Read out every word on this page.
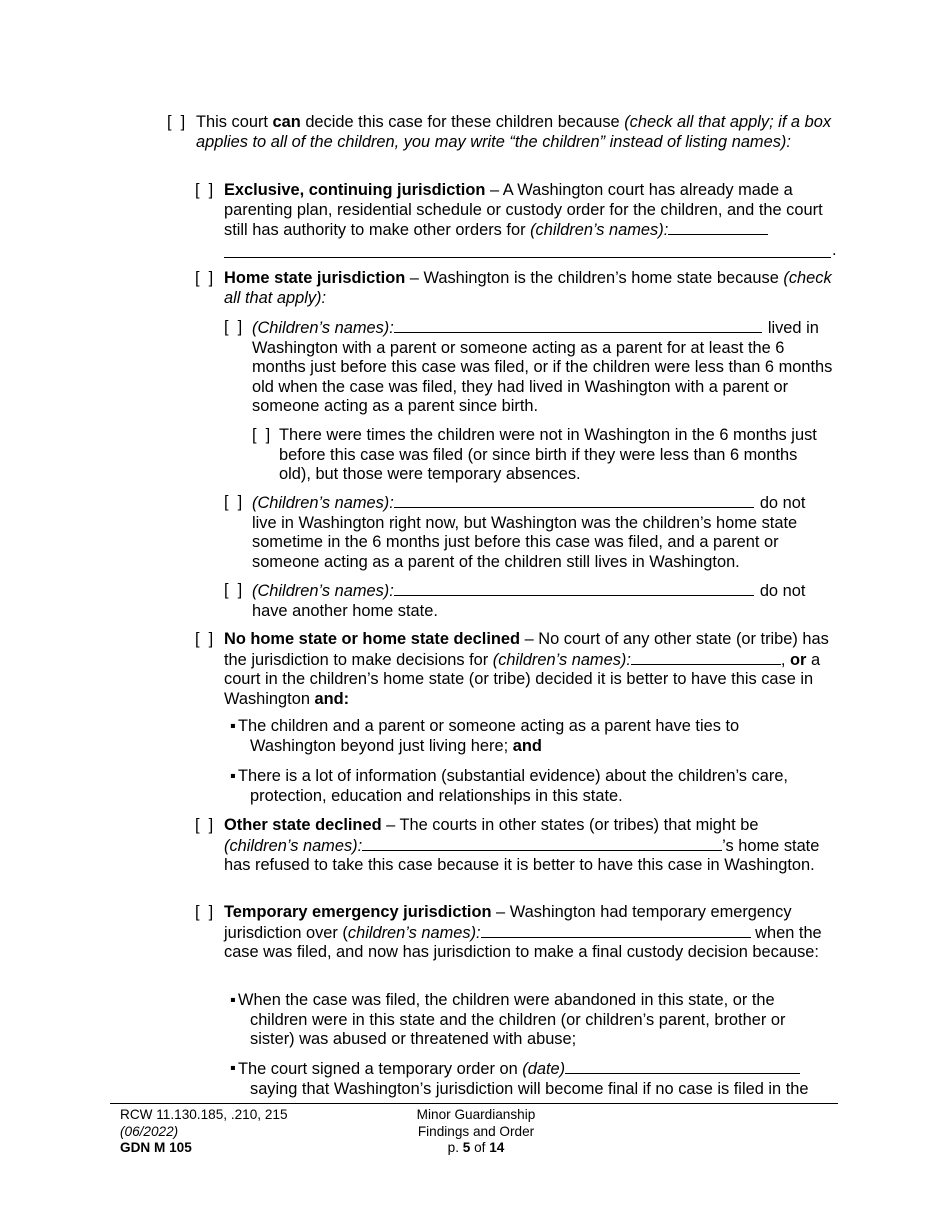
[  ] This court can decide this case for these children because (check all that apply; if a box applies to all of the children, you may write “the children” instead of listing names):
[  ] Exclusive, continuing jurisdiction – A Washington court has already made a parenting plan, residential schedule or custody order for the children, and the court still has authority to make other orders for (children’s names):
.
[  ] Home state jurisdiction – Washington is the children’s home state because (check all that apply):
[  ] (Children’s names):	lived in Washington with a parent or someone acting as a parent for at least the 6 months just before this case was filed, or if the children were less than 6 months old when the case was filed, they had lived in Washington with a parent or someone acting as a parent since birth.
[  ] There were times the children were not in Washington in the 6 months just before this case was filed (or since birth if they were less than 6 months old), but those were temporary absences.
[  ] (Children’s names):	do not live in Washington right now, but Washington was the children’s home state sometime in the 6 months just before this case was filed, and a parent or someone acting as a parent of the children still lives in Washington.
[  ] (Children’s names):	do not have another home state.
[  ] No home state or home state declined – No court of any other state (or tribe) has the jurisdiction to make decisions for (children’s names):	, or a court in the children’s home state (or tribe) decided it is better to have this case in Washington and:
▪ The children and a parent or someone acting as a parent have ties to Washington beyond just living here; and
▪ There is a lot of information (substantial evidence) about the children’s care, protection, education and relationships in this state.
[  ] Other state declined – The courts in other states (or tribes) that might be (children’s names):	’s home state has refused to take this case because it is better to have this case in Washington.
[  ] Temporary emergency jurisdiction – Washington had temporary emergency jurisdiction over (children’s names):	when the case was filed, and now has jurisdiction to make a final custody decision because:
▪ When the case was filed, the children were abandoned in this state, or the children were in this state and the children (or children’s parent, brother or sister) was abused or threatened with abuse;
▪ The court signed a temporary order on (date) saying that Washington’s jurisdiction will become final if no case is filed in the
RCW 11.130.185, .210, 215
(06/2022)
GDN M 105
Minor Guardianship
Findings and Order
p. 5 of 14
